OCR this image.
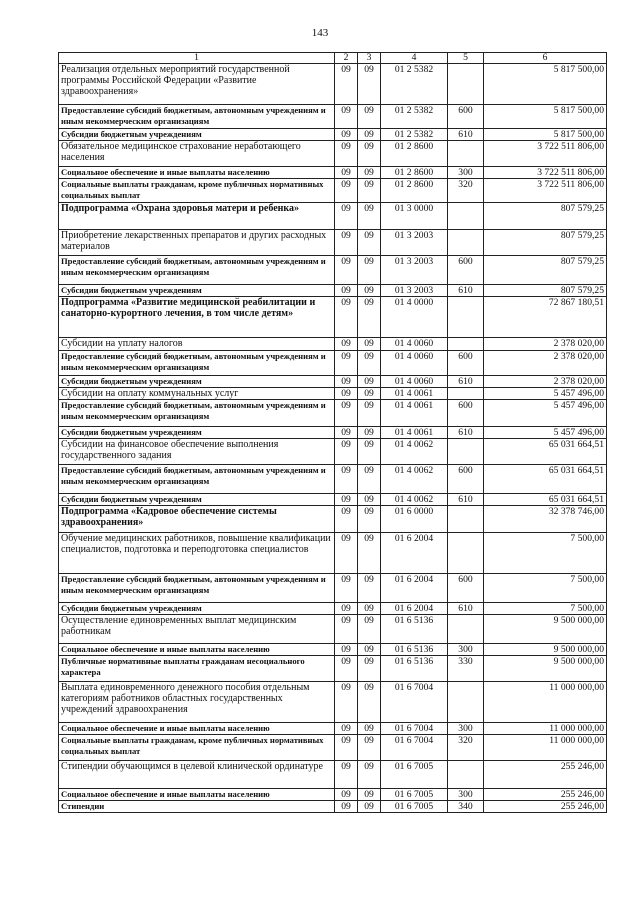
143
1	2	3	4	5	6
Реализация отдельных мероприятий государственной программы Российской Федерации «Развитие здравоохранения»	09	09	01 2 5382		5 817 500,00
Предоставление субсидий бюджетным, автономным учреждениям и иным некоммерческим организациям	09	09	01 2 5382	600	5 817 500,00
Субсидии бюджетным учреждениям	09	09	01 2 5382	610	5 817 500,00
Обязательное медицинское страхование неработающего населения	09	09	01 2 8600		3 722 511 806,00
Социальное обеспечение и иные выплаты населению	09	09	01 2 8600	300	3 722 511 806,00
Социальные выплаты гражданам, кроме публичных нормативных социальных выплат	09	09	01 2 8600	320	3 722 511 806,00
Подпрограмма «Охрана здоровья матери и ребенка»	09	09	01 3 0000		807 579,25
Приобретение лекарственных препаратов и других расходных материалов	09	09	01 3 2003		807 579,25
Предоставление субсидий бюджетным, автономным учреждениям и иным некоммерческим организациям	09	09	01 3 2003	600	807 579,25
Субсидии бюджетным учреждениям	09	09	01 3 2003	610	807 579,25
Подпрограмма «Развитие медицинской реабилитации и санаторно-курортного лечения, в том числе детям»	09	09	01 4 0000		72 867 180,51
Субсидии на уплату налогов	09	09	01 4 0060		2 378 020,00
Предоставление субсидий бюджетным, автономным учреждениям и иным некоммерческим организациям	09	09	01 4 0060	600	2 378 020,00
Субсидии бюджетным учреждениям	09	09	01 4 0060	610	2 378 020,00
Субсидии на оплату коммунальных услуг	09	09	01 4 0061		5 457 496,00
Предоставление субсидий бюджетным, автономным учреждениям и иным некоммерческим организациям	09	09	01 4 0061	600	5 457 496,00
Субсидии бюджетным учреждениям	09	09	01 4 0061	610	5 457 496,00
Субсидии на финансовое обеспечение выполнения государственного задания	09	09	01 4 0062		65 031 664,51
Предоставление субсидий бюджетным, автономным учреждениям и иным некоммерческим организациям	09	09	01 4 0062	600	65 031 664,51
Субсидии бюджетным учреждениям	09	09	01 4 0062	610	65 031 664,51
Подпрограмма «Кадровое обеспечение системы здравоохранения»	09	09	01 6 0000		32 378 746,00
Обучение медицинских работников, повышение квалификации специалистов, подготовка и переподготовка специалистов	09	09	01 6 2004		7 500,00
Предоставление субсидий бюджетным, автономным учреждениям и иным некоммерческим организациям	09	09	01 6 2004	600	7 500,00
Субсидии бюджетным учреждениям	09	09	01 6 2004	610	7 500,00
Осуществление единовременных выплат медицинским работникам	09	09	01 6 5136		9 500 000,00
Социальное обеспечение и иные выплаты населению	09	09	01 6 5136	300	9 500 000,00
Публичные нормативные выплаты гражданам несоциального характера	09	09	01 6 5136	330	9 500 000,00
Выплата единовременного денежного пособия отдельным категориям работников областных государственных учреждений здравоохранения	09	09	01 6 7004		11 000 000,00
Социальное обеспечение и иные выплаты населению	09	09	01 6 7004	300	11 000 000,00
Социальные выплаты гражданам, кроме публичных нормативных социальных выплат	09	09	01 6 7004	320	11 000 000,00
Стипендии обучающимся в целевой клинической ординатуре	09	09	01 6 7005		255 246,00
Социальное обеспечение и иные выплаты населению	09	09	01 6 7005	300	255 246,00
Стипендии	09	09	01 6 7005	340	255 246,00
